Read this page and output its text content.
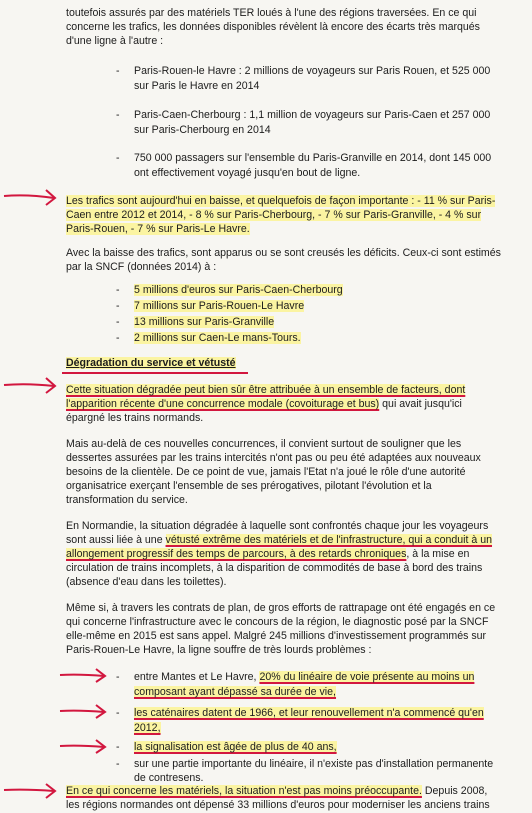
toutefois assurés par des matériels TER loués à l'une des régions traversées. En ce qui

concerne les trafics, les données disponibles révèlent là encore des écarts très marqués

d'une ligne à l'autre :

- Paris-Rouen-le Havre : 2 millions de voyageurs sur Paris Rouen, et 525 000

sur Paris le Havre en 2014

- Paris-Caen-Cherbourg : 1,1 million de voyageurs sur Paris-Caen et 257 000

sur Paris-Cherbourg en 2014

- 750 000 passagers sur l'ensemble du Paris-Granville en 2014, dont 145 000

ont effectivement voyagé jusqu'en bout de ligne.

Les trafics sont aujourd'hui en baisse, et quelquefois de façon importante : - 11 % sur Paris-

Caen entre 2012 et 2014, - 8 % sur Paris-Cherbourg, - 7 % sur Paris-Granville, - 4 % sur

Paris-Rouen, - 7 % sur Paris-Le Havre.

Avec la baisse des trafics, sont apparus ou se sont creusés les déficits. Ceux-ci sont estimés

par la SNCF (données 2014) à :

- 5 millions d'euros sur Paris-Caen-Cherbourg

- 7 millions sur Paris-Rouen-Le Havre

- 13 millions sur Paris-Granville

- 2 millions sur Caen-Le mans-Tours.

Dégradation du service et vétusté

Cette situation dégradée peut bien sûr être attribuée à un ensemble de facteurs, dont

l'apparition récente d'une concurrence modale (covoiturage et bus) qui avait jusqu'ici

épargné les trains normands.

Mais au-delà de ces nouvelles concurrences, il convient surtout de souligner que les

dessertes assurées par les trains intercités n'ont pas ou peu été adaptées aux nouveaux

besoins de la clientèle. De ce point de vue, jamais l'Etat n'a joué le rôle d'une autorité

organisatrice exerçant l'ensemble de ses prérogatives, pilotant l'évolution et la

transformation du service.

En Normandie, la situation dégradée à laquelle sont confrontés chaque jour les voyageurs

sont aussi liée à une vétusté extrême des matériels et de l'infrastructure, qui a conduit à un

allongement progressif des temps de parcours, à des retards chroniques, à la mise en

circulation de trains incomplets, à la disparition de commodités de base à bord des trains

(absence d'eau dans les toilettes).

Même si, à travers les contrats de plan, de gros efforts de rattrapage ont été engagés en ce

qui concerne l'infrastructure avec le concours de la région, le diagnostic posé par la SNCF

elle-même en 2015 est sans appel. Malgré 245 millions d'investissement programmés sur

Paris-Rouen-Le Havre, la ligne souffre de très lourds problèmes :

- entre Mantes et Le Havre, 20% du linéaire de voie présente au moins un

composant ayant dépassé sa durée de vie,

- les caténaires datent de 1966, et leur renouvellement n'a commencé qu'en

2012,

- la signalisation est âgée de plus de 40 ans,

- sur une partie importante du linéaire, il n'existe pas d'installation permanente

de contresens.

En ce qui concerne les matériels, la situation n'est pas moins préoccupante. Depuis 2008,

les régions normandes ont dépensé 33 millions d'euros pour moderniser les anciens trains
